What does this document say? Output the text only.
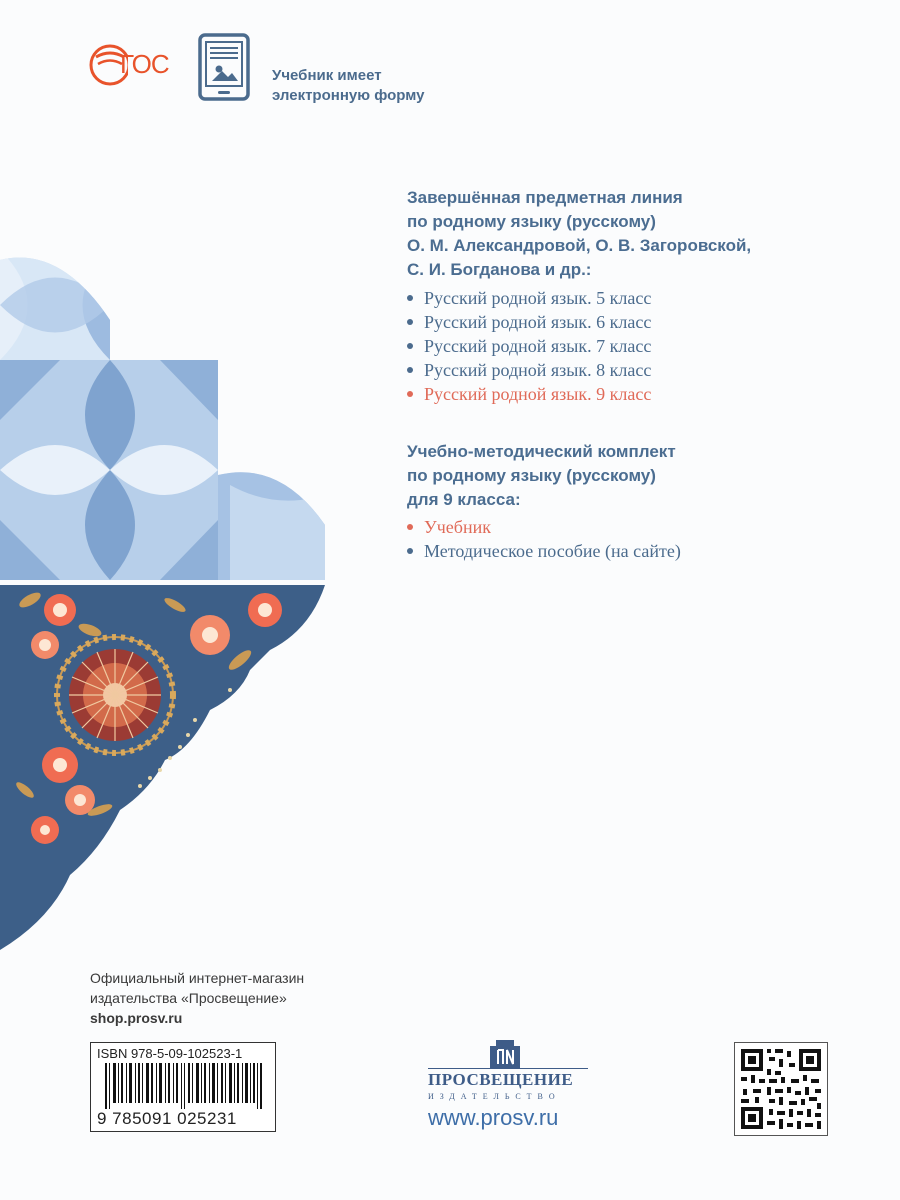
ГОС	Учебник имеет
электронную форму
Завершённая предметная линия
по родному языку (русскому)
О. М. Александровой, О. В. Загоровской,
С. И. Богданова и др.:
Русский родной язык. 5 класс
Русский родной язык. 6 класс
Русский родной язык. 7 класс
Русский родной язык. 8 класс
Русский родной язык. 9 класс
Учебно-методический комплект
по родному языку (русскому)
для 9 класса:
Учебник
Методическое пособие (на сайте)
Официальный интернет-магазин
издательства «Просвещение»
shop.prosv.ru
ISBN 978-5-09-102523-1
9 785091 025231
ПРОСВЕЩЕНИЕ
ИЗДАТЕЛЬСТВО
www.prosv.ru
